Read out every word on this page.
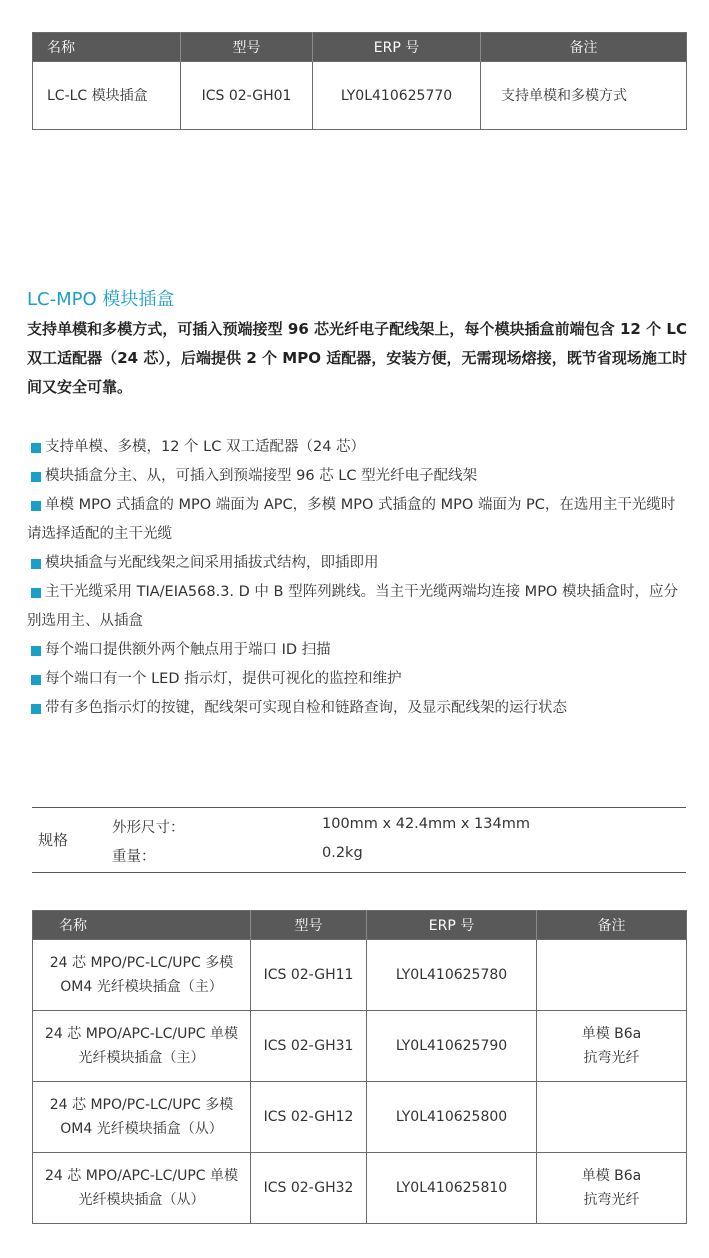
名称	型号	ERP 号	备注
LC-LC 模块插盒	ICS 02-GH01	LY0L410625770	支持单模和多模方式
LC-MPO 模块插盒

支持单模和多模方式，可插入预端接型 96 芯光纤电子配线架上，每个模块插盒前端包含 12 个 LC 双工适配器（24 芯），后端提供 2 个 MPO 适配器，安装方便，无需现场熔接，既节省现场施工时间又安全可靠。

支持单模、多模，12 个 LC 双工适配器（24 芯）
模块插盒分主、从，可插入到预端接型 96 芯 LC 型光纤电子配线架
单模 MPO 式插盒的 MPO 端面为 APC，多模 MPO 式插盒的 MPO 端面为 PC，在选用主干光缆时请选择适配的主干光缆
模块插盒与光配线架之间采用插拔式结构，即插即用
主干光缆采用 TIA/EIA568.3. D 中 B 型阵列跳线。当主干光缆两端均连接 MPO 模块插盒时，应分别选用主、从插盒
每个端口提供额外两个触点用于端口 ID 扫描
每个端口有一个 LED 指示灯，提供可视化的监控和维护
带有多色指示灯的按键，配线架可实现自检和链路查询，及显示配线架的运行状态
规格
外形尺寸：	100mm x 42.4mm x 134mm
重量：	0.2kg
名称	型号	ERP 号	备注
24 芯 MPO/PC-LC/UPC 多模
OM4 光纤模块插盒（主）	ICS 02-GH11	LY0L410625780	

24 芯 MPO/APC-LC/UPC 单模
光纤模块插盒（主）	ICS 02-GH31	LY0L410625790	单模 B6a
抗弯光纤
24 芯 MPO/PC-LC/UPC 多模
OM4 光纤模块插盒（从）	ICS 02-GH12	LY0L410625800	

24 芯 MPO/APC-LC/UPC 单模
光纤模块插盒（从）	ICS 02-GH32	LY0L410625810	单模 B6a
抗弯光纤
